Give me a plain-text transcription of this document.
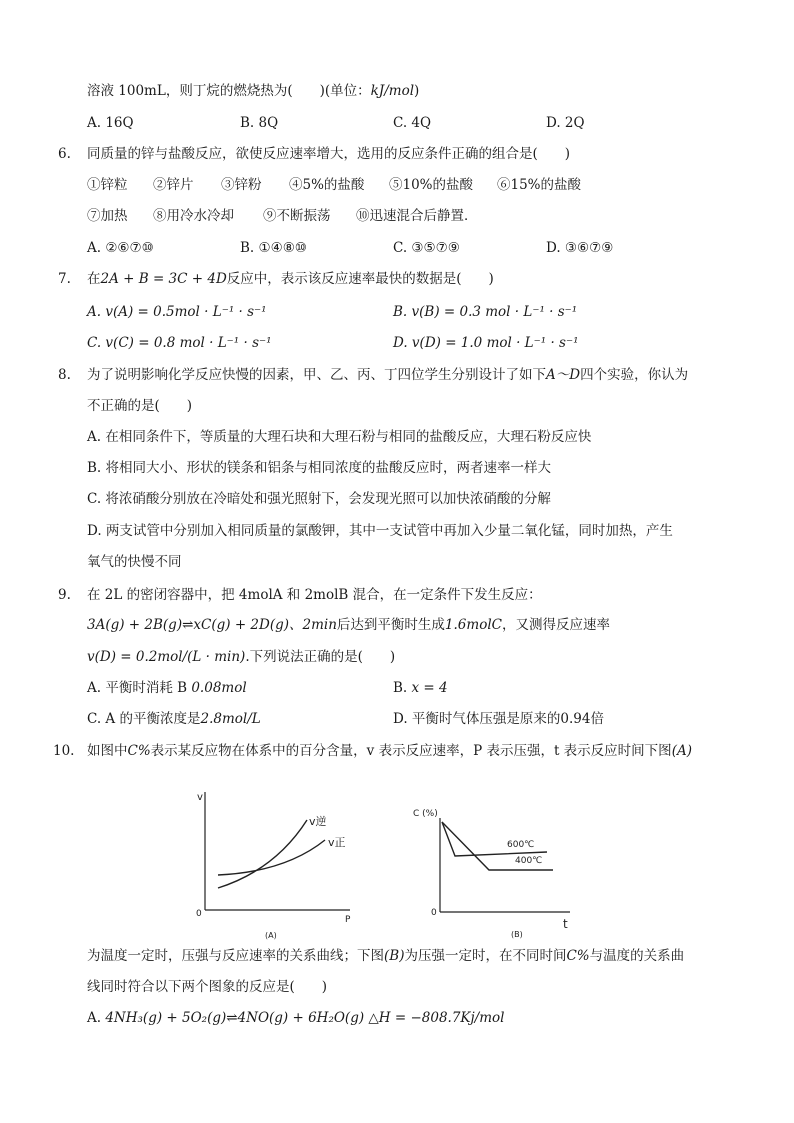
溶液 100mL，则丁烷的燃烧热为(　　)(单位：kJ/mol)
A. 16Q	B. 8Q	C. 4Q	D. 2Q
6. 同质量的锌与盐酸反应，欲使反应速率增大，选用的反应条件正确的组合是(　　)
①锌粒 ②锌片 ③锌粉 ④5%的盐酸 ⑤10%的盐酸 ⑥15%的盐酸
⑦加热 ⑧用冷水冷却 ⑨不断振荡 ⑩迅速混合后静置．
A. ②⑥⑦⑩	B. ①④⑧⑩	C. ③⑤⑦⑨	D. ③⑥⑦⑨
7. 在2A + B = 3C + 4D反应中，表示该反应速率最快的数据是(　　)
A. v(A) = 0.5mol · L⁻¹ · s⁻¹	B. v(B) = 0.3 mol · L⁻¹ · s⁻¹
C. v(C) = 0.8 mol · L⁻¹ · s⁻¹	D. v(D) = 1.0 mol · L⁻¹ · s⁻¹
8. 为了说明影响化学反应快慢的因素，甲、乙、丙、丁四位学生分别设计了如下A～D四个实验，你认为
不正确的是(　　)
A. 在相同条件下，等质量的大理石块和大理石粉与相同的盐酸反应，大理石粉反应快
B. 将相同大小、形状的镁条和铝条与相同浓度的盐酸反应时，两者速率一样大
C. 将浓硝酸分别放在冷暗处和强光照射下，会发现光照可以加快浓硝酸的分解
D. 两支试管中分别加入相同质量的氯酸钾，其中一支试管中再加入少量二氧化锰，同时加热，产生
氧气的快慢不同
9. 在 2L 的密闭容器中，把 4molA 和 2molB 混合，在一定条件下发生反应：
3A(g) + 2B(g)⇌xC(g) + 2D(g)、2min后达到平衡时生成1.6molC，又测得反应速率
v(D) = 0.2mol/(L · min).下列说法正确的是(　　)
A. 平衡时消耗 B 0.08mol	B. x = 4
C. A 的平衡浓度是2.8mol/L	D. 平衡时气体压强是原来的0.94倍
10. 如图中C%表示某反应物在体系中的百分含量，v 表示反应速率，P 表示压强，t 表示反应时间下图(A)
v
P
0
v逆
v正
(A)
C (%)
t
0
600℃
400℃
(B)
为温度一定时，压强与反应速率的关系曲线；下图(B)为压强一定时，在不同时间C%与温度的关系曲
线同时符合以下两个图象的反应是(　　)
A. 4NH₃(g) + 5O₂(g)⇌4NO(g) + 6H₂O(g) △H = −808.7Kj/mol
